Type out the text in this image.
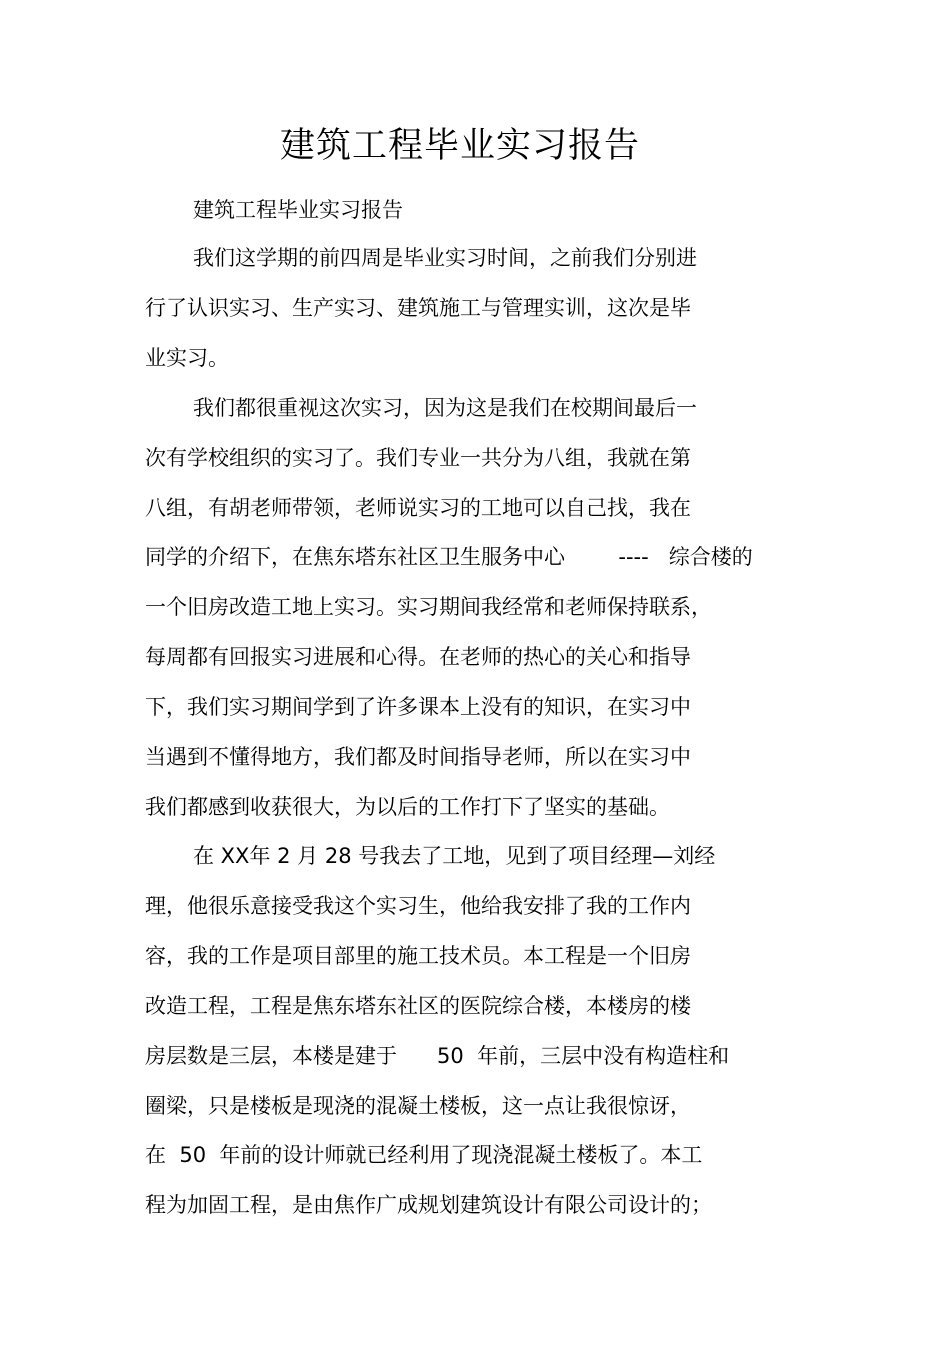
建筑工程毕业实习报告
建筑工程毕业实习报告
我们这学期的前四周是毕业实习时间，之前我们分别进
行了认识实习、生产实习、建筑施工与管理实训，这次是毕
业实习。
我们都很重视这次实习，因为这是我们在校期间最后一
次有学校组织的实习了。我们专业一共分为八组，我就在第
八组，有胡老师带领，老师说实习的工地可以自己找，我在
同学的介绍下，在焦东塔东社区卫生服务中心        ----   综合楼的
一个旧房改造工地上实习。实习期间我经常和老师保持联系，
每周都有回报实习进展和心得。在老师的热心的关心和指导
下，我们实习期间学到了许多课本上没有的知识，在实习中
当遇到不懂得地方，我们都及时间指导老师，所以在实习中
我们都感到收获很大，为以后的工作打下了坚实的基础。
在 XX年 2 月 28 号我去了工地，见到了项目经理—刘经
理，他很乐意接受我这个实习生，他给我安排了我的工作内
容，我的工作是项目部里的施工技术员。本工程是一个旧房
改造工程，工程是焦东塔东社区的医院综合楼，本楼房的楼
房层数是三层，本楼是建于      50  年前，三层中没有构造柱和
圈梁，只是楼板是现浇的混凝土楼板，这一点让我很惊讶，
在  50  年前的设计师就已经利用了现浇混凝土楼板了。本工
程为加固工程，是由焦作广成规划建筑设计有限公司设计的；
